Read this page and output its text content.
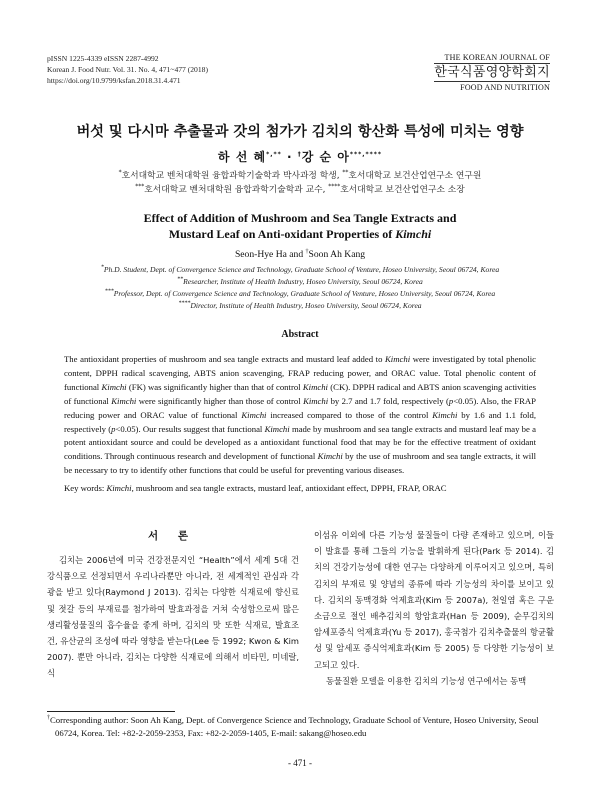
pISSN 1225-4339 eISSN 2287-4992
Korean J. Food Nutr. Vol. 31. No. 4, 471~477 (2018)
https://doi.org/10.9799/ksfan.2018.31.4.471
THE KOREAN JOURNAL OF
한국식품영양학회지
FOOD AND NUTRITION
버섯 및 다시마 추출물과 갓의 첨가가 김치의 항산화 특성에 미치는 영향
하 선 혜*,** · †강 순 아***,****
*호서대학교 벤처대학원 융합과학기술학과 박사과정 학생, **호서대학교 보건산업연구소 연구원
***호서대학교 벤처대학원 융합과학기술학과 교수, ****호서대학교 보건산업연구소 소장
Effect of Addition of Mushroom and Sea Tangle Extracts and
Mustard Leaf on Anti-oxidant Properties of Kimchi
Seon-Hye Ha and †Soon Ah Kang
*Ph.D. Student, Dept. of Convergence Science and Technology, Graduate School of Venture, Hoseo University, Seoul 06724, Korea
**Researcher, Institute of Health Industry, Hoseo University, Seoul 06724, Korea
***Professor, Dept. of Convergence Science and Technology, Graduate School of Venture, Hoseo University, Seoul 06724, Korea
****Director, Institute of Health Industry, Hoseo University, Seoul 06724, Korea
Abstract
The antioxidant properties of mushroom and sea tangle extracts and mustard leaf added to Kimchi were investigated by total phenolic content, DPPH radical scavenging, ABTS anion scavenging, FRAP reducing power, and ORAC value. Total phenolic content of functional Kimchi (FK) was significantly higher than that of control Kimchi (CK). DPPH radical and ABTS anion scavenging activities of functional Kimchi were significantly higher than those of control Kimchi by 2.7 and 1.7 fold, respectively (p<0.05). Also, the FRAP reducing power and ORAC value of functional Kimchi increased compared to those of the control Kimchi by 1.6 and 1.1 fold, respectively (p<0.05). Our results suggest that functional Kimchi made by mushroom and sea tangle extracts and mustard leaf may be a potent antioxidant source and could be developed as a antioxidant functional food that may be for the effective treatment of oxidant conditions. Through continuous research and development of functional Kimchi by the use of mushroom and sea tangle extracts, it will be necessary to try to identify other functions that could be useful for preventing various diseases.
Key words: Kimchi, mushroom and sea tangle extracts, mustard leaf, antioxidant effect, DPPH, FRAP, ORAC
서 론
김치는 2006년에 미국 건강전문지인 “Health”에서 세계 5대 건강식품으로 선정되면서 우리나라뿐만 아니라, 전 세계적인 관심과 각광을 받고 있다(Raymond J 2013). 김치는 다양한 식재료에 향신료 및 젓갈 등의 부재료를 첨가하여 발효과정을 거쳐 숙성함으로써 많은 생리활성물질의 흡수율을 좋게 하며, 김치의 맛 또한 식재료, 발효조건, 유산균의 조성에 따라 영향을 받는다(Lee 등 1992; Kwon & Kim 2007). 뿐만 아니라, 김치는 다양한 식재료에 의해서 비타민, 미네랄, 식
이섬유 이외에 다른 기능성 물질들이 다량 존재하고 있으며, 이들이 발효를 통해 그들의 기능을 발휘하게 된다(Park 등 2014). 김치의 건강기능성에 대한 연구는 다양하게 이루어지고 있으며, 특히 김치의 부재료 및 양념의 종류에 따라 기능성의 차이를 보이고 있다. 김치의 동맥경화 억제효과(Kim 등 2007a), 천일염 혹은 구운 소금으로 절인 배추김치의 항암효과(Han 등 2009), 순무김치의 암세포증식 억제효과(Yu 등 2017), 홍국첨가 김치추출물의 항균활성 및 암세포 증식억제효과(Kim 등 2005) 등 다양한 기능성이 보고되고 있다.
동물질환 모델을 이용한 김치의 기능성 연구에서는 동맥
†Corresponding author: Soon Ah Kang, Dept. of Convergence Science and Technology, Graduate School of Venture, Hoseo University, Seoul 06724, Korea. Tel: +82-2-2059-2353, Fax: +82-2-2059-1405, E-mail: sakang@hoseo.edu
- 471 -
